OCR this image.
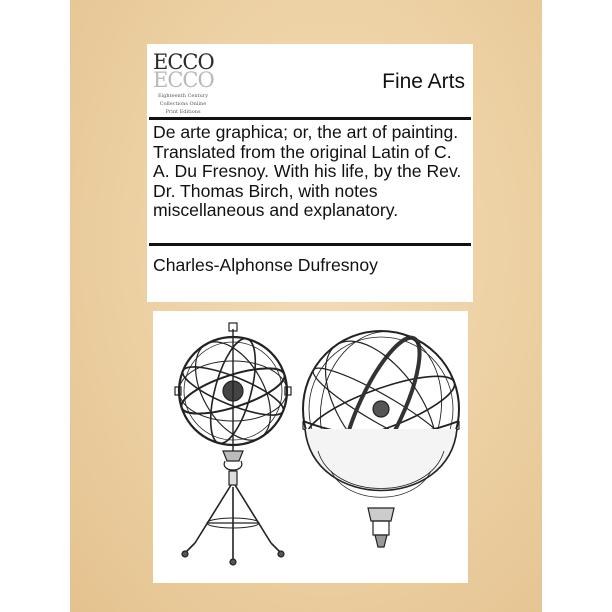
ECCO
ECCO
Eighteenth Century
Collections Online
Print Editions
Fine Arts
De arte graphica; or, the art of painting. Translated from the original Latin of C. A. Du Fresnoy. With his life, by the Rev. Dr. Thomas Birch, with notes miscellaneous and explanatory.
Charles-Alphonse Dufresnoy
